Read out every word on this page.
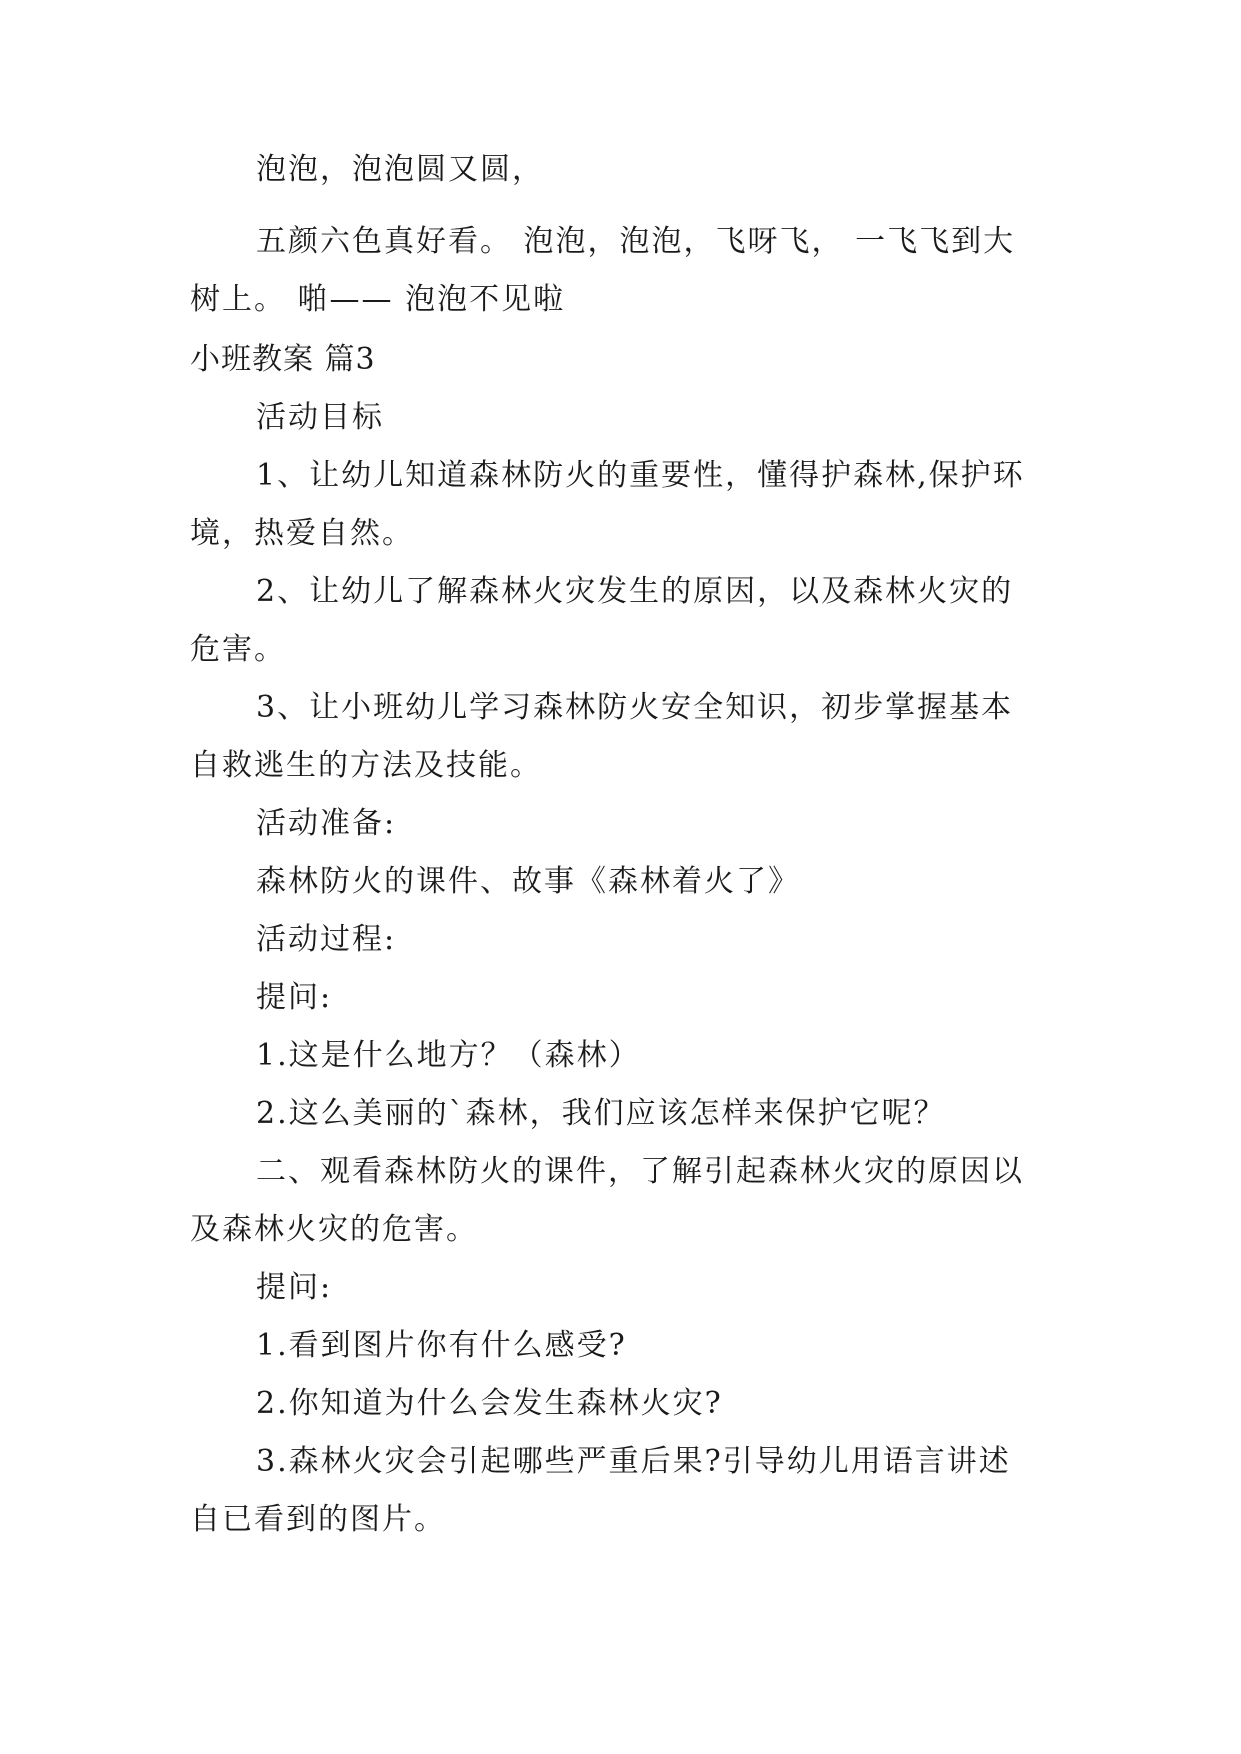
泡泡，泡泡圆又圆，
五颜六色真好看。 泡泡，泡泡，飞呀飞， 一飞飞到大
树上。 啪—— 泡泡不见啦
小班教案 篇3
活动目标
1、让幼儿知道森林防火的重要性，懂得护森林,保护环
境，热爱自然。
2、让幼儿了解森林火灾发生的原因，以及森林火灾的
危害。
3、让小班幼儿学习森林防火安全知识，初步掌握基本
自救逃生的方法及技能。
活动准备:
森林防火的课件、故事《森林着火了》
活动过程:
提问:
1.这是什么地方？（森林）
2.这么美丽的`森林，我们应该怎样来保护它呢？
二、观看森林防火的课件，了解引起森林火灾的原因以
及森林火灾的危害。
提问:
1.看到图片你有什么感受?
2.你知道为什么会发生森林火灾?
3.森林火灾会引起哪些严重后果?引导幼儿用语言讲述
自已看到的图片。
